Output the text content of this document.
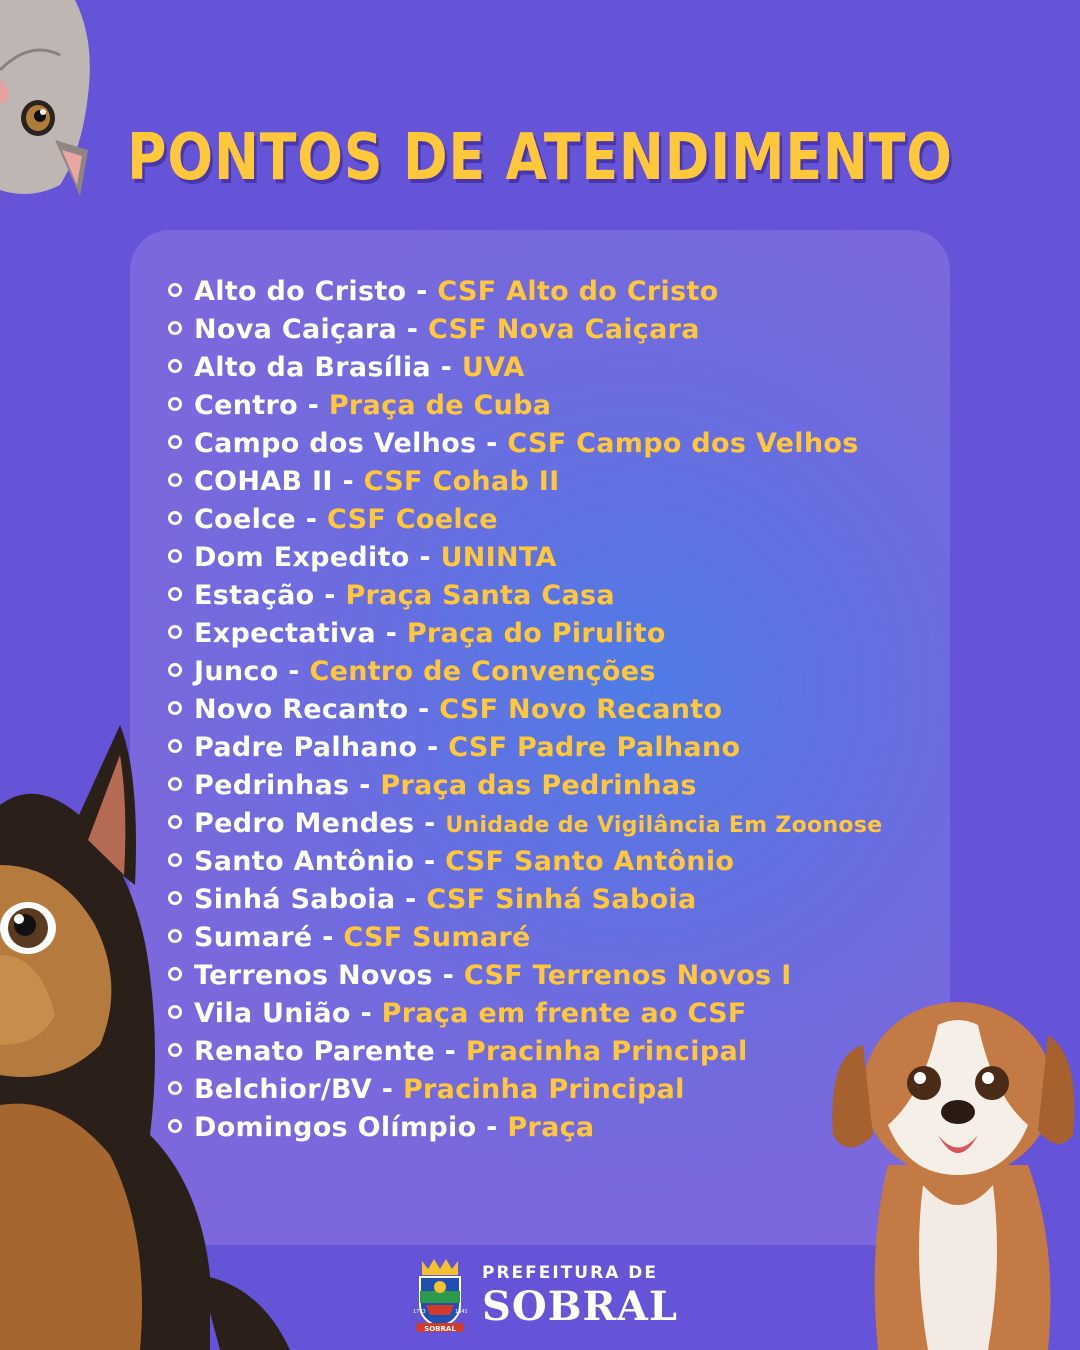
PONTOS DE ATENDIMENTO
Alto do Cristo - CSF Alto do Cristo
Nova Caiçara - CSF Nova Caiçara
Alto da Brasília - UVA
Centro - Praça de Cuba
Campo dos Velhos - CSF Campo dos Velhos
COHAB II - CSF Cohab II
Coelce - CSF Coelce
Dom Expedito - UNINTA
Estação - Praça Santa Casa
Expectativa - Praça do Pirulito
Junco - Centro de Convenções
Novo Recanto - CSF Novo Recanto
Padre Palhano - CSF Padre Palhano
Pedrinhas - Praça das Pedrinhas
Pedro Mendes - Unidade de Vigilância Em Zoonose
Santo Antônio - CSF Santo Antônio
Sinhá Saboia - CSF Sinhá Saboia
Sumaré - CSF Sumaré
Terrenos Novos - CSF Terrenos Novos I
Vila União - Praça em frente ao CSF
Renato Parente - Pracinha Principal
Belchior/BV - Pracinha Principal
Domingos Olímpio - Praça
SOBRAL
1773	1841
PREFEITURA DE
SOBRAL
